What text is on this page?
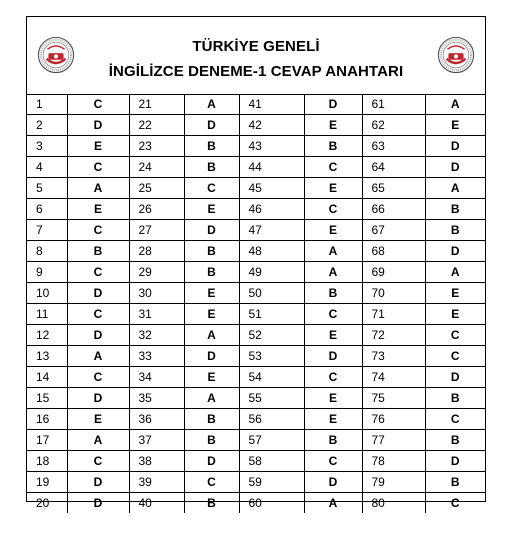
TÜRKİYE GENELİ
İNGİLİZCE DENEME-1 CEVAP ANAHTARI
1	C	21	A	41	D	61	A
2	D	22	D	42	E	62	E
3	E	23	B	43	B	63	D
4	C	24	B	44	C	64	D
5	A	25	C	45	E	65	A
6	E	26	E	46	C	66	B
7	C	27	D	47	E	67	B
8	B	28	B	48	A	68	D
9	C	29	B	49	A	69	A
10	D	30	E	50	B	70	E
11	C	31	E	51	C	71	E
12	D	32	A	52	E	72	C
13	A	33	D	53	D	73	C
14	C	34	E	54	C	74	D
15	D	35	A	55	E	75	B
16	E	36	B	56	E	76	C
17	A	37	B	57	B	77	B
18	C	38	D	58	C	78	D
19	D	39	C	59	D	79	B
20	D	40	B	60	A	80	C
